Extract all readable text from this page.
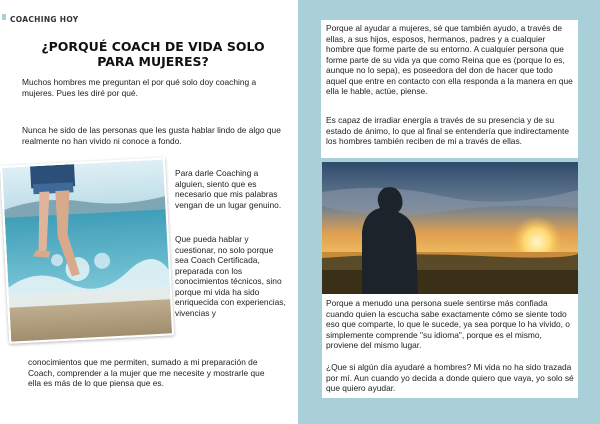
COACHING HOY
¿PORQUÉ COACH DE VIDA SOLO PARA MUJERES?
Muchos hombres me preguntan el por qué solo doy coaching a mujeres. Pues les diré por qué.
Nunca he sido de las personas que les gusta hablar lindo de algo que realmente no han vivido ni conoce a fondo.
Para darle Coaching a alguien, siento que es necesario que mis palabras vengan de un lugar genuino.
Que pueda hablar y cuestionar, no solo porque sea Coach Certificada, preparada con los conocimientos técnicos, sino porque mi vida ha sido enriquecida con experiencias, vivencias y
conocimientos que me permiten, sumado a mi preparación de Coach, comprender a la mujer que me necesite y mostrarle que ella es más de lo que piensa que es.
Porque al ayudar a mujeres, sé que también ayudo, a través de ellas, a sus hijos, esposos, hermanos, padres y a cualquier hombre que forme parte de su entorno. A cualquier persona que forme parte de su vida ya que como Reina que es (porque lo es, aunque no lo sepa), es poseedora del don de hacer que todo aquel que entre en contacto con ella responda a la manera en que ella le hable, actúe, piense.
Es capaz de irradiar energía a través de su presencia y de su estado de ánimo, lo que al final se entendería que indirectamente los hombres también reciben de mi a través de ellas.
Porque a menudo una persona suele sentirse más confiada cuando quien la escucha sabe exactamente cómo se siente todo eso que comparte, lo que le sucede, ya sea porque lo ha vivido, o simplemente comprende "su idioma", porque es el mismo, proviene del mismo lugar.
¿Que si algún día ayudaré a hombres? Mi vida no ha sido trazada por mí. Aun cuando yo decida a donde quiero que vaya, yo solo sé que quiero ayudar.
